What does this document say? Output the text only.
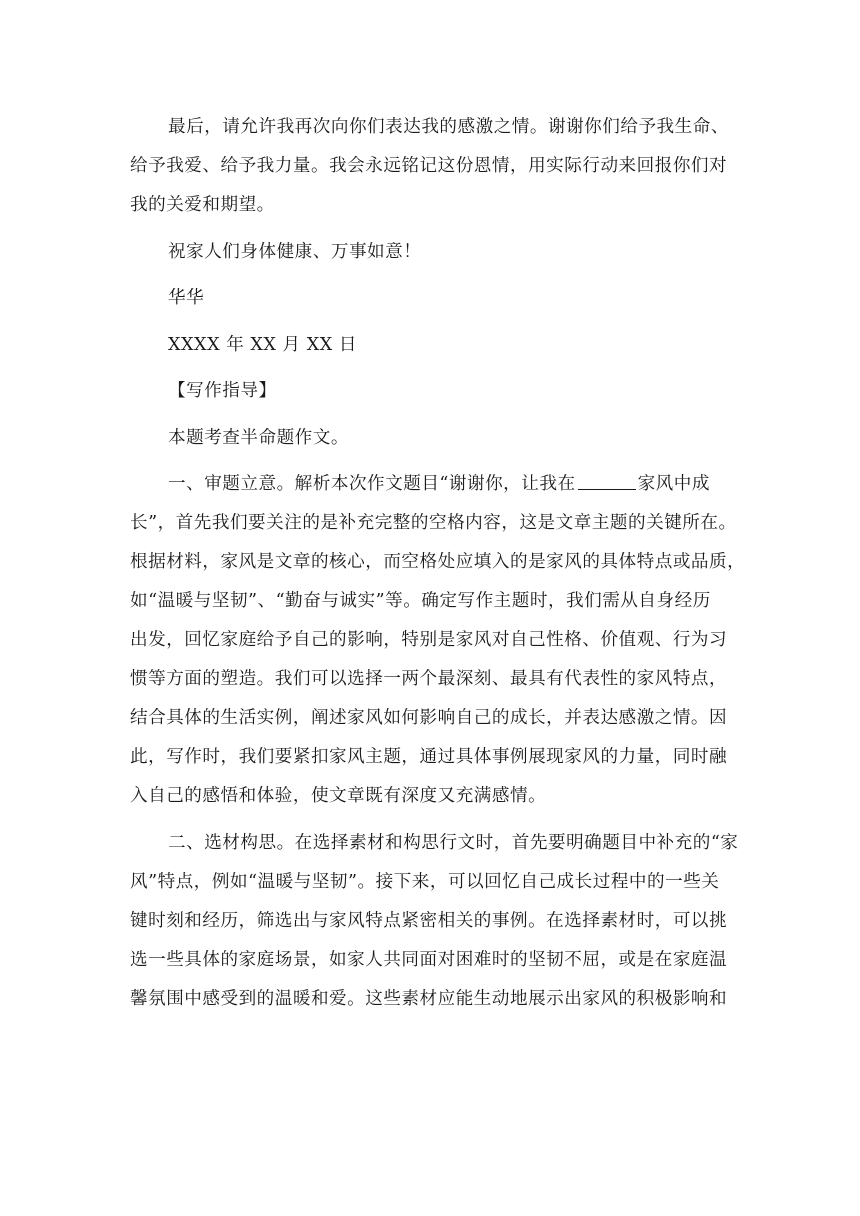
最后，请允许我再次向你们表达我的感激之情。谢谢你们给予我生命、
给予我爱、给予我力量。我会永远铭记这份恩情，用实际行动来回报你们对
我的关爱和期望。
祝家人们身体健康、万事如意！
华华
XXXX 年 XX 月 XX 日
【写作指导】
本题考查半命题作文。
一、审题立意。解析本次作文题目“谢谢你，让我在	家风中成
长”，首先我们要关注的是补充完整的空格内容，这是文章主题的关键所在。
根据材料，家风是文章的核心，而空格处应填入的是家风的具体特点或品质，
如“温暖与坚韧”、“勤奋与诚实”等。确定写作主题时，我们需从自身经历
出发，回忆家庭给予自己的影响，特别是家风对自己性格、价值观、行为习
惯等方面的塑造。我们可以选择一两个最深刻、最具有代表性的家风特点，
结合具体的生活实例，阐述家风如何影响自己的成长，并表达感激之情。因
此，写作时，我们要紧扣家风主题，通过具体事例展现家风的力量，同时融
入自己的感悟和体验，使文章既有深度又充满感情。
二、选材构思。在选择素材和构思行文时，首先要明确题目中补充的“家
风”特点，例如“温暖与坚韧”。接下来，可以回忆自己成长过程中的一些关
键时刻和经历，筛选出与家风特点紧密相关的事例。在选择素材时，可以挑
选一些具体的家庭场景，如家人共同面对困难时的坚韧不屈，或是在家庭温
馨氛围中感受到的温暖和爱。这些素材应能生动地展示出家风的积极影响和
